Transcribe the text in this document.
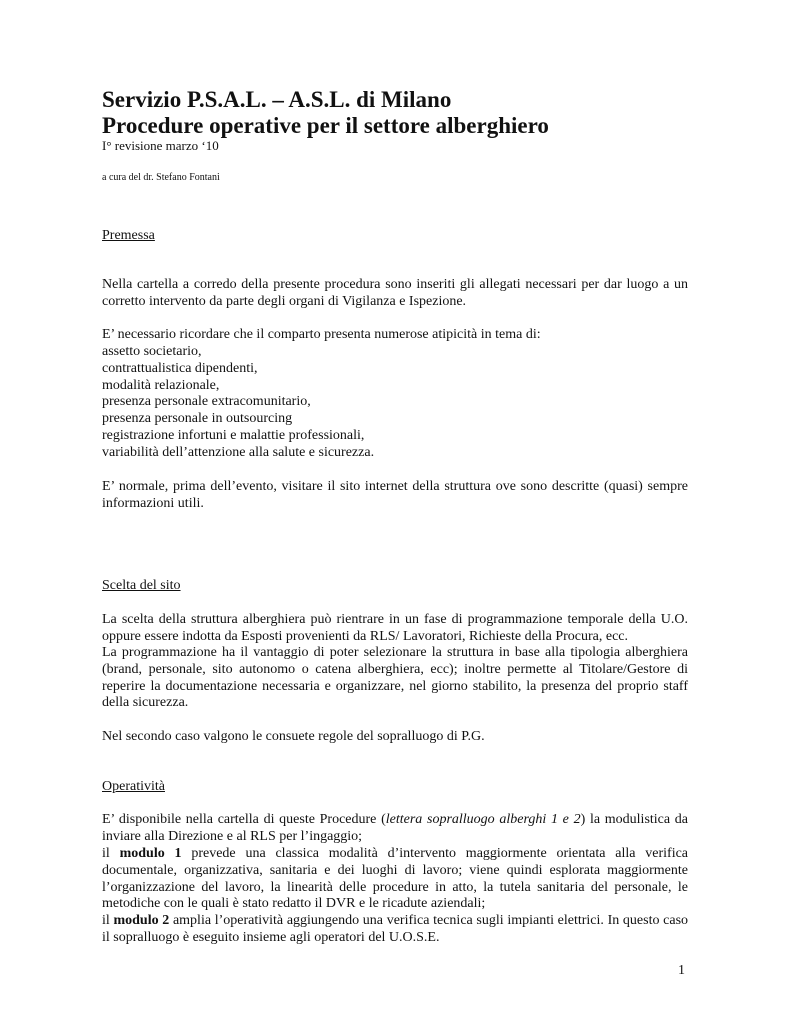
Servizio P.S.A.L. – A.S.L. di Milano
Procedure operative per il settore alberghiero
I° revisione marzo ‘10
a cura del dr. Stefano Fontani
Premessa

Nella cartella a corredo della presente procedura sono inseriti gli allegati necessari per dar luogo a un corretto intervento da parte degli organi di Vigilanza e Ispezione.

E’ necessario ricordare che il comparto presenta numerose atipicità in tema di:

assetto societario,
contrattualistica dipendenti,
modalità relazionale,
presenza personale extracomunitario,
presenza personale in outsourcing
registrazione infortuni e malattie professionali,
variabilità dell’attenzione alla salute e sicurezza.

E’ normale, prima dell’evento, visitare il sito internet della struttura ove sono descritte (quasi) sempre informazioni utili.

Scelta del sito

La scelta della struttura alberghiera può rientrare in un fase di programmazione temporale della U.O. oppure essere indotta da Esposti provenienti da RLS/ Lavoratori, Richieste della Procura, ecc.

La programmazione ha il vantaggio di poter selezionare la struttura in base alla tipologia alberghiera (brand, personale, sito autonomo o catena alberghiera, ecc); inoltre permette al Titolare/Gestore di reperire la documentazione necessaria e organizzare, nel giorno stabilito, la presenza del proprio staff della sicurezza.

Nel secondo caso valgono le consuete regole del sopralluogo di P.G.

Operatività

E’ disponibile nella cartella di queste Procedure (lettera sopralluogo alberghi 1 e 2) la modulistica da inviare alla Direzione e al RLS per l’ingaggio;

il modulo 1 prevede una classica modalità d’intervento maggiormente orientata alla verifica documentale, organizzativa, sanitaria e dei luoghi di lavoro; viene quindi esplorata maggiormente l’organizzazione del lavoro, la linearità delle procedure in atto, la tutela sanitaria del personale, le metodiche con le quali è stato redatto il DVR e le ricadute aziendali;

il modulo 2 amplia l’operatività aggiungendo una verifica tecnica sugli impianti elettrici. In questo caso il sopralluogo è eseguito insieme agli operatori del U.O.S.E.

1
